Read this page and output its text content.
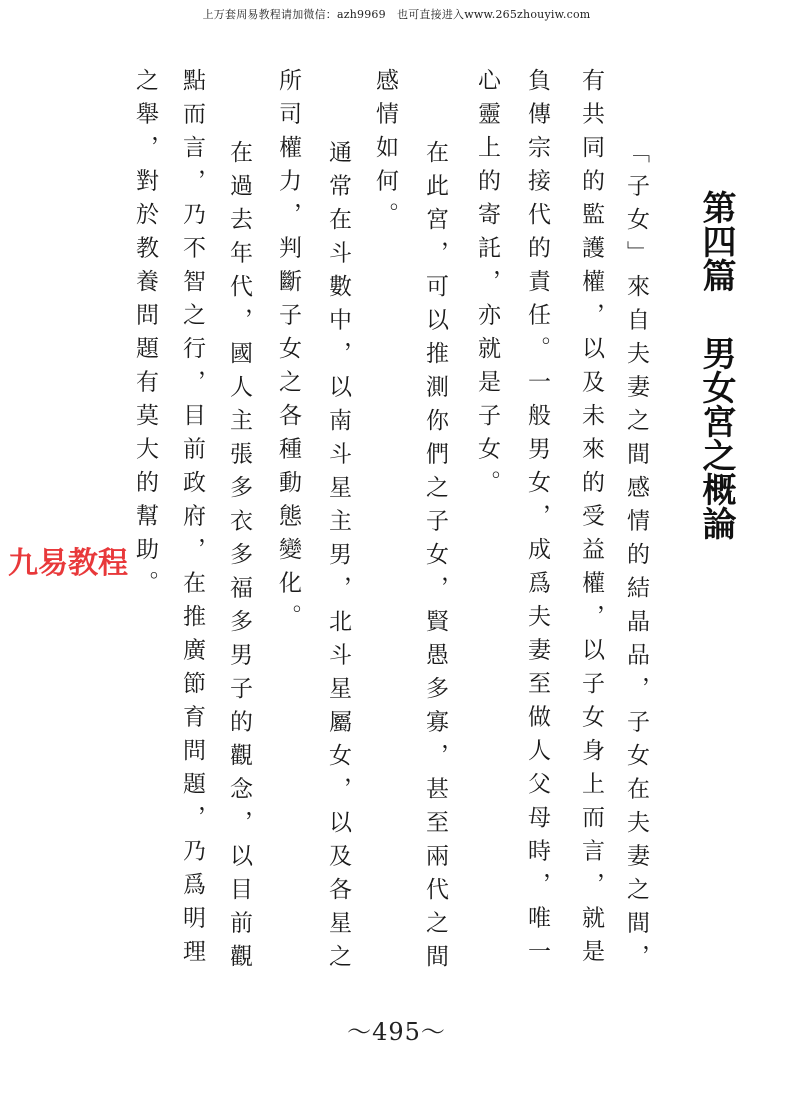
上万套周易教程请加微信：azh9969　也可直接进入www.265zhouyiw.com
第四篇男女宮之概論
「子女」來自夫妻之間感情的結晶品，子女在夫妻之間，
有共同的監護權，以及未來的受益權，以子女身上而言，就是
負傳宗接代的責任。一般男女，成爲夫妻至做人父母時，唯一
心靈上的寄託，亦就是子女。
在此宮，可以推測你們之子女，賢愚多寡，甚至兩代之間
感情如何。
通常在斗數中，以南斗星主男，北斗星屬女，以及各星之
所司權力，判斷子女之各種動態變化。
在過去年代，國人主張多衣多福多男子的觀念，以目前觀
點而言，乃不智之行，目前政府，在推廣節育問題，乃爲明理
之舉，對於教養問題有莫大的幫助。
九易教程
～495～
